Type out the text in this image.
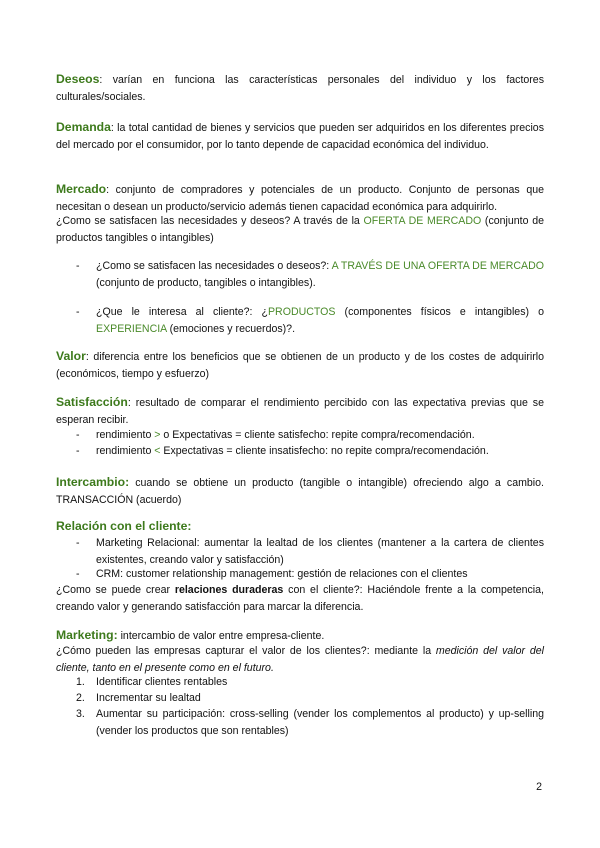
Deseos: varían en funciona las características personales del individuo y los factores culturales/sociales.
Demanda: la total cantidad de bienes y servicios que pueden ser adquiridos en los diferentes precios del mercado por el consumidor, por lo tanto depende de capacidad económica del individuo.
Mercado: conjunto de compradores y potenciales de un producto. Conjunto de personas que necesitan o desean un producto/servicio además tienen capacidad económica para adquirirlo.
¿Como se satisfacen las necesidades y deseos? A través de la OFERTA DE MERCADO (conjunto de productos tangibles o intangibles)
- ¿Como se satisfacen las necesidades o deseos?: A TRAVÉS DE UNA OFERTA DE MERCADO (conjunto de producto, tangibles o intangibles).
- ¿Que le interesa al cliente?: ¿PRODUCTOS (componentes físicos e intangibles) o EXPERIENCIA (emociones y recuerdos)?.
Valor: diferencia entre los beneficios que se obtienen de un producto y de los costes de adquirirlo (económicos, tiempo y esfuerzo)
Satisfacción: resultado de comparar el rendimiento percibido con las expectativa previas que se esperan recibir.
- rendimiento > o Expectativas = cliente satisfecho: repite compra/recomendación.
- rendimiento < Expectativas = cliente insatisfecho: no repite compra/recomendación.
Intercambio: cuando se obtiene un producto (tangible o intangible) ofreciendo algo a cambio. TRANSACCIÓN (acuerdo)
Relación con el cliente:
- Marketing Relacional: aumentar la lealtad de los clientes (mantener a la cartera de clientes existentes, creando valor y satisfacción)
- CRM: customer relationship management: gestión de relaciones con el clientes
¿Como se puede crear relaciones duraderas con el cliente?: Haciéndole frente a la competencia, creando valor y generando satisfacción para marcar la diferencia.
Marketing: intercambio de valor entre empresa-cliente.
¿Cómo pueden las empresas capturar el valor de los clientes?: mediante la medición del valor del cliente, tanto en el presente como en el futuro.
1. Identificar clientes rentables
2. Incrementar su lealtad
3. Aumentar su participación: cross-selling (vender los complementos al producto) y up-selling (vender los productos que son rentables)
2
